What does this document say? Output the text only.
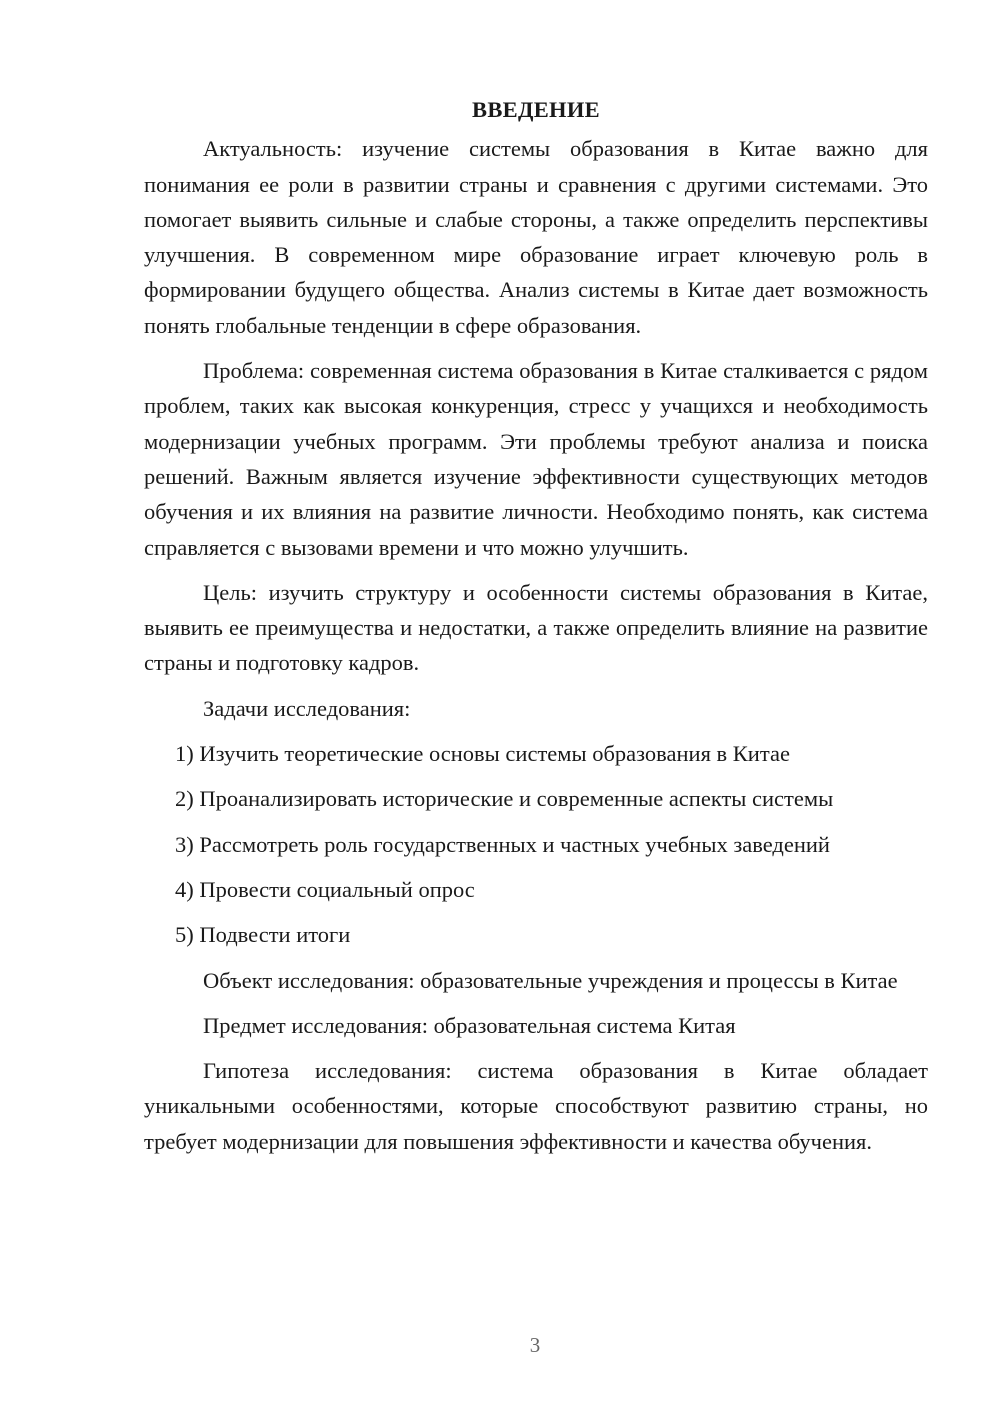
ВВЕДЕНИЕ

Актуальность: изучение системы образования в Китае важно для понимания ее роли в развитии страны и сравнения с другими системами. Это помогает выявить сильные и слабые стороны, а также определить перспективы улучшения. В современном мире образование играет ключевую роль в формировании будущего общества. Анализ системы в Китае дает возможность понять глобальные тенденции в сфере образования.

Проблема: современная система образования в Китае сталкивается с рядом проблем, таких как высокая конкуренция, стресс у учащихся и необходимость модернизации учебных программ. Эти проблемы требуют анализа и поиска решений. Важным является изучение эффективности существующих методов обучения и их влияния на развитие личности. Необходимо понять, как система справляется с вызовами времени и что можно улучшить.

Цель: изучить структуру и особенности системы образования в Китае, выявить ее преимущества и недостатки, а также определить влияние на развитие страны и подготовку кадров.

Задачи исследования:

1) Изучить теоретические основы системы образования в Китае
2) Проанализировать исторические и современные аспекты системы
3) Рассмотреть роль государственных и частных учебных заведений
4) Провести социальный опрос
5) Подвести итоги

Объект исследования: образовательные учреждения и процессы в Китае

Предмет исследования: образовательная система Китая

Гипотеза исследования: система образования в Китае обладает уникальными особенностями, которые способствуют развитию страны, но требует модернизации для повышения эффективности и качества обучения.

3
